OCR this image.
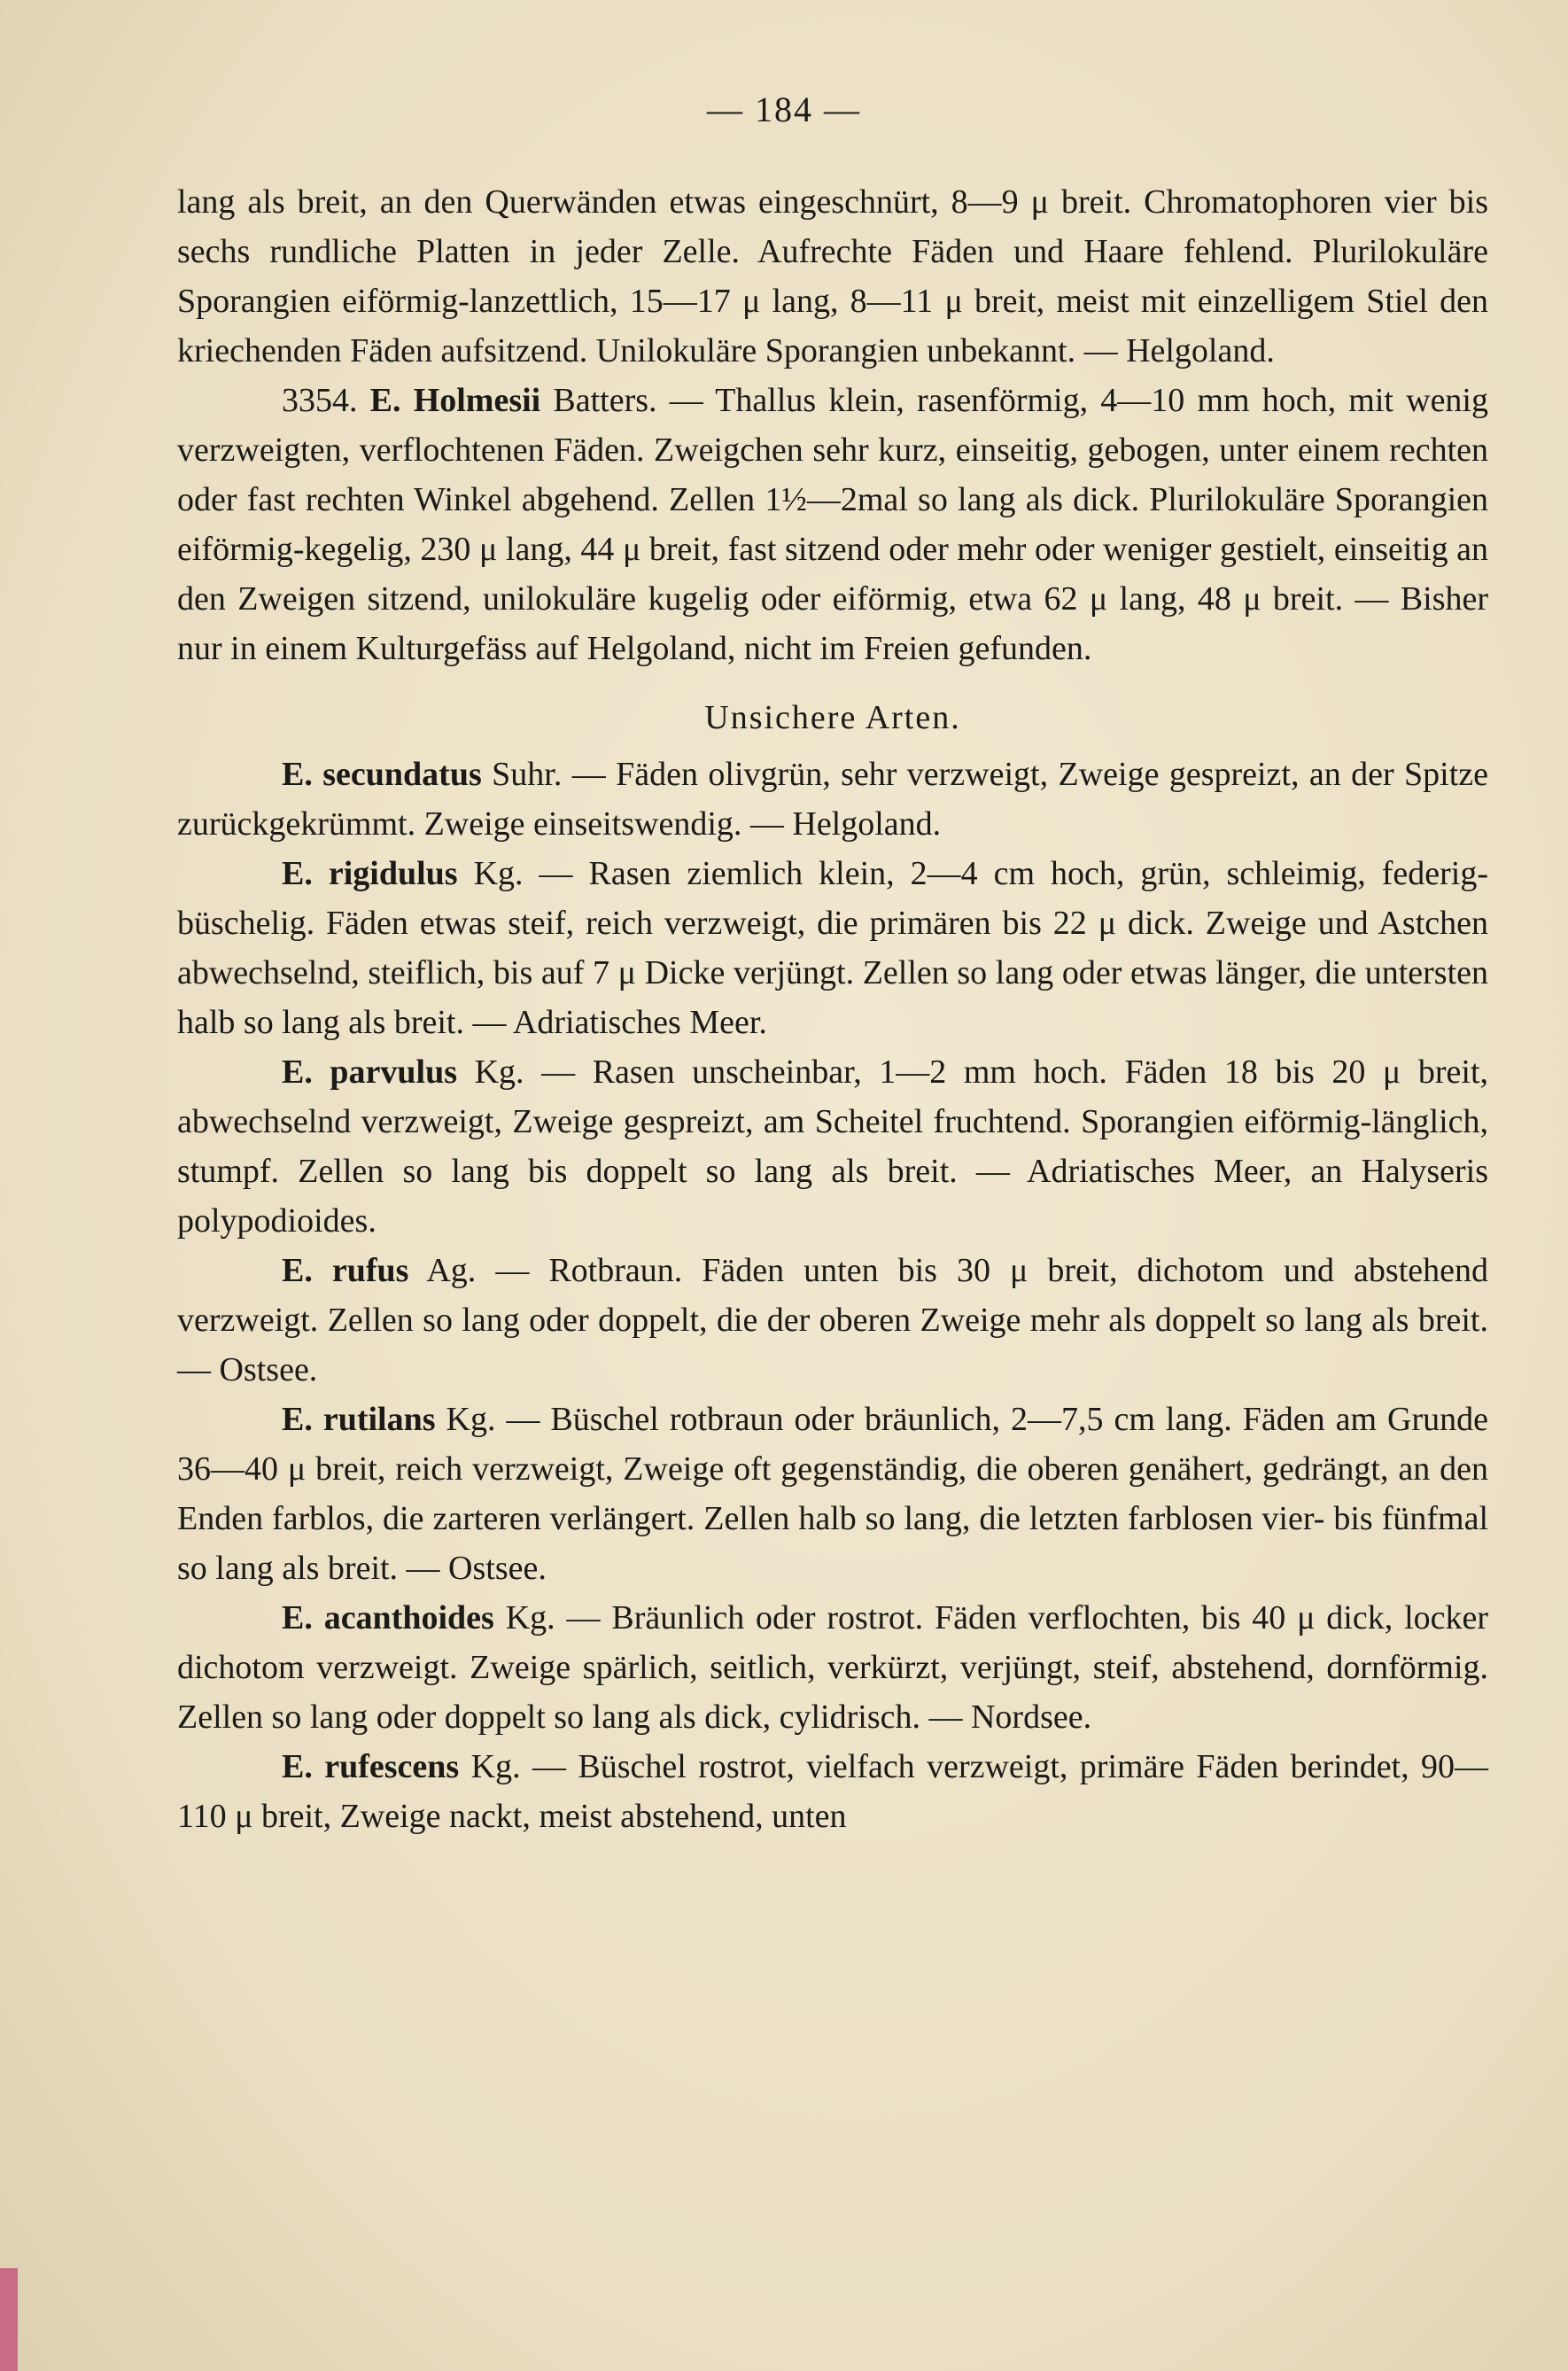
— 184 —

lang als breit, an den Querwänden etwas eingeschnürt, 8—9 μ breit. Chromatophoren vier bis sechs rundliche Platten in jeder Zelle. Aufrechte Fäden und Haare fehlend. Plurilokuläre Sporangien eiförmig-lanzettlich, 15—17 μ lang, 8—11 μ breit, meist mit einzelligem Stiel den kriechenden Fäden aufsitzend. Unilokuläre Sporangien unbekannt. — Helgoland.

3354. E. Holmesii Batters. — Thallus klein, rasenförmig, 4—10 mm hoch, mit wenig verzweigten, verflochtenen Fäden. Zweigchen sehr kurz, einseitig, gebogen, unter einem rechten oder fast rechten Winkel abgehend. Zellen 1½—2mal so lang als dick. Plurilokuläre Sporangien eiförmig-kegelig, 230 μ lang, 44 μ breit, fast sitzend oder mehr oder weniger gestielt, einseitig an den Zweigen sitzend, unilokuläre kugelig oder eiförmig, etwa 62 μ lang, 48 μ breit. — Bisher nur in einem Kulturgefäss auf Helgoland, nicht im Freien gefunden.

Unsichere Arten.

E. secundatus Suhr. — Fäden olivgrün, sehr verzweigt, Zweige gespreizt, an der Spitze zurückgekrümmt. Zweige einseitswendig. — Helgoland.

E. rigidulus Kg. — Rasen ziemlich klein, 2—4 cm hoch, grün, schleimig, federig-büschelig. Fäden etwas steif, reich verzweigt, die primären bis 22 μ dick. Zweige und Astchen abwechselnd, steiflich, bis auf 7 μ Dicke verjüngt. Zellen so lang oder etwas länger, die untersten halb so lang als breit. — Adriatisches Meer.

E. parvulus Kg. — Rasen unscheinbar, 1—2 mm hoch. Fäden 18 bis 20 μ breit, abwechselnd verzweigt, Zweige gespreizt, am Scheitel fruchtend. Sporangien eiförmig-länglich, stumpf. Zellen so lang bis doppelt so lang als breit. — Adriatisches Meer, an Halyseris polypodioides.

E. rufus Ag. — Rotbraun. Fäden unten bis 30 μ breit, dichotom und abstehend verzweigt. Zellen so lang oder doppelt, die der oberen Zweige mehr als doppelt so lang als breit. — Ostsee.

E. rutilans Kg. — Büschel rotbraun oder bräunlich, 2—7,5 cm lang. Fäden am Grunde 36—40 μ breit, reich verzweigt, Zweige oft gegenständig, die oberen genähert, gedrängt, an den Enden farblos, die zarteren verlängert. Zellen halb so lang, die letzten farblosen vier- bis fünfmal so lang als breit. — Ostsee.

E. acanthoides Kg. — Bräunlich oder rostrot. Fäden verflochten, bis 40 μ dick, locker dichotom verzweigt. Zweige spärlich, seitlich, verkürzt, verjüngt, steif, abstehend, dornförmig. Zellen so lang oder doppelt so lang als dick, cylidrisch. — Nordsee.

E. rufescens Kg. — Büschel rostrot, vielfach verzweigt, primäre Fäden berindet, 90—110 μ breit, Zweige nackt, meist abstehend, unten
